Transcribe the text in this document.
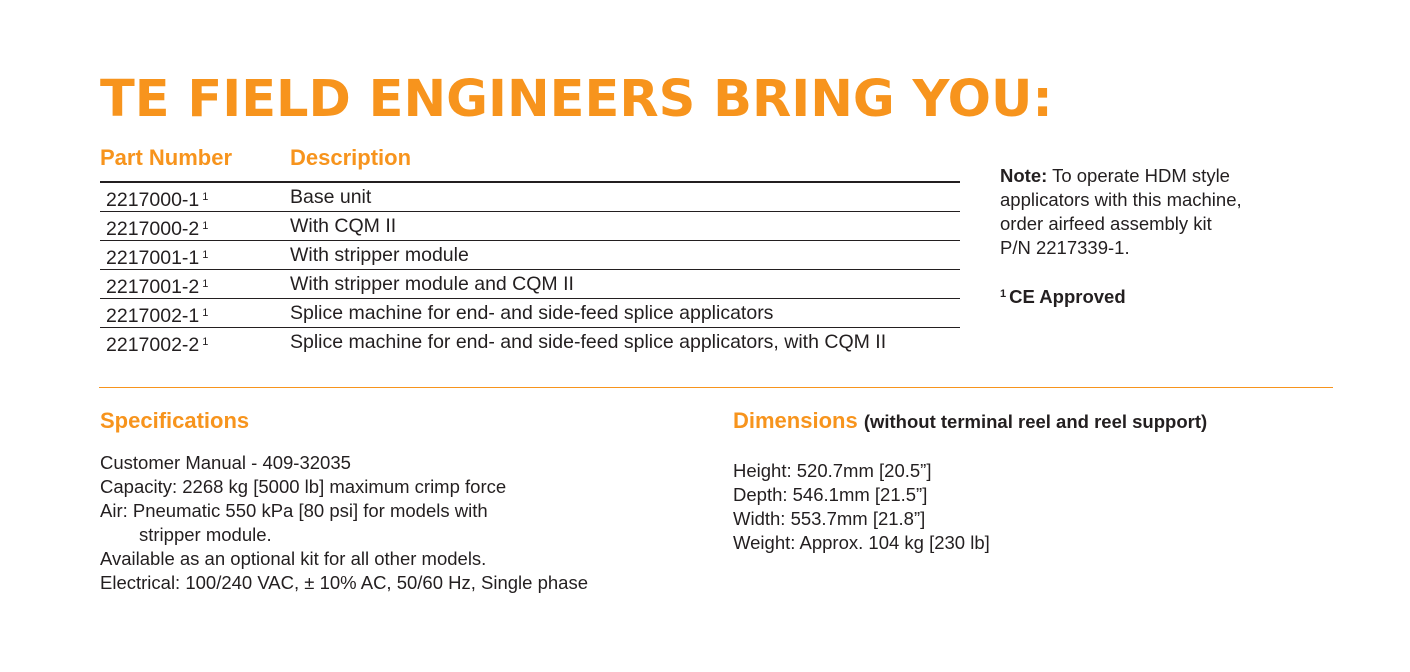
TE FIELD ENGINEERS BRING YOU:
Part Number	Description
2217000-1 $^1$	Base unit
2217000-2 $^1$	With CQM II
2217001-1 $^1$	With stripper module
2217001-2 $^1$	With stripper module and CQM II
2217002-1 $^1$	Splice machine for end- and side-feed splice applicators
2217002-2 $^1$	Splice machine for end- and side-feed splice applicators, with CQM II

Note: To operate HDM style
applicators with this machine,
order airfeed assembly kit
P/N 2217339-1.

$^1$ CE Approved

Specifications
Customer Manual - 409-32035
Capacity: 2268 kg [5000 lb] maximum crimp force
Air: Pneumatic 550 kPa [80 psi] for models with
stripper module.
Available as an optional kit for all other models.
Electrical: 100/240 VAC, ± 10% AC, 50/60 Hz, Single phase
Dimensions (without terminal reel and reel support)
Height: 520.7mm [20.5”]
Depth: 546.1mm [21.5”]
Width: 553.7mm [21.8”]
Weight: Approx. 104 kg [230 lb]
